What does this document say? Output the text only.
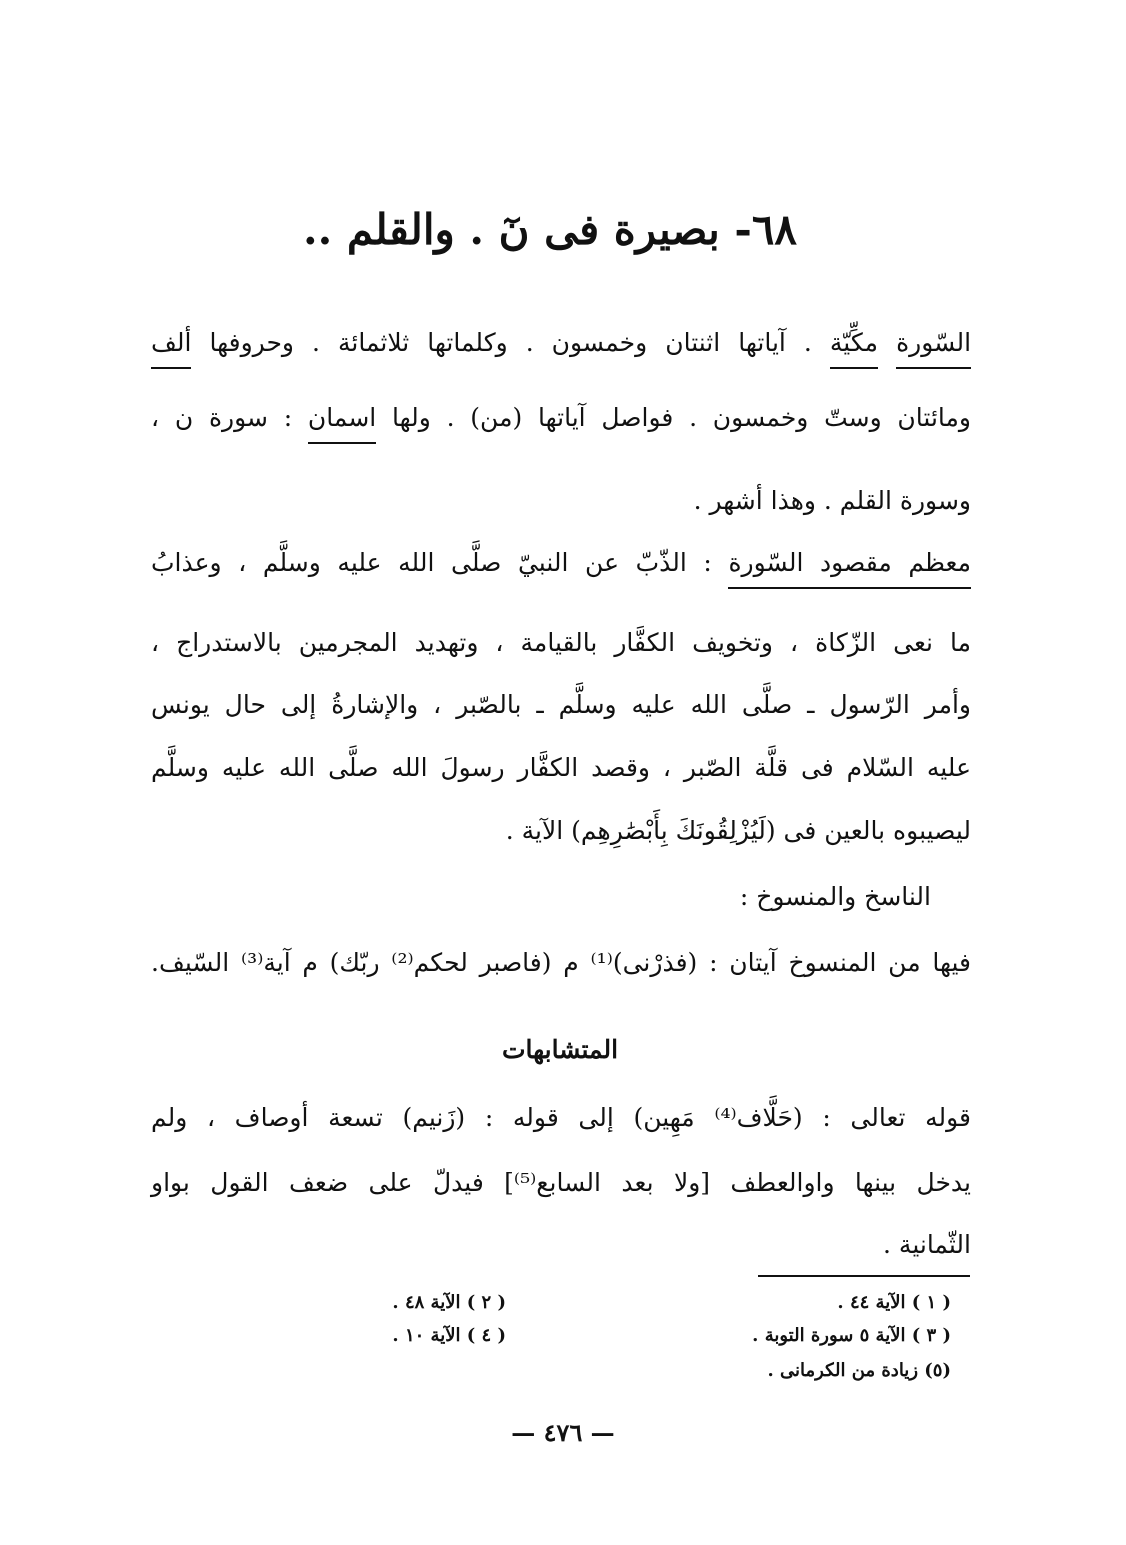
٦٨- بصيرة فى نٓ . والقلم ..
السّورة مكِّيّة . آياتها اثنتان وخمسون . وكلماتها ثلاثمائة . وحروفها ألف
ومائتان وستّ وخمسون . فواصل آياتها (من) . ولها اسمان : سورة ن ،
وسورة القلم . وهذا أشهر .
معظم مقصود السّورة : الذّبّ عن النبيّ صلَّى الله عليه وسلَّم ، وعذابُ
ما نعى الزّكاة ، وتخويف الكفَّار بالقيامة ، وتهديد المجرمين بالاستدراج ،
وأمر الرّسول ـ صلَّى الله عليه وسلَّم ـ بالصّبر ، والإشارةُ إلى حال يونس
عليه السّلام فى قلَّة الصّبر ، وقصد الكفَّار رسولَ الله صلَّى الله عليه وسلَّم
ليصيبوه بالعين فى (لَيُزْلِقُونَكَ بِأَبْصَٰرِهِم) الآية .
الناسخ والمنسوخ :
فيها من المنسوخ آيتان : (فذرْنى)⁽¹⁾ م (فاصبر لحكم⁽²⁾ ربّك) م آية⁽³⁾ السّيف.
المتشابهات
قوله تعالى : (حَلَّاف⁽⁴⁾ مَهِين) إلى قوله : (زَنيم) تسعة أوصاف ، ولم
يدخل بينها واوالعطف [ولا بعد السابع⁽⁵⁾] فيدلّ على ضعف القول بواو
الثّمانية .
( ١ ) الآية ٤٤ .
( ٢ ) الآية ٤٨ .
( ٣ ) الآية ٥ سورة التوبة .
( ٤ ) الآية ١٠ .
(٥) زيادة من الكرمانى .
— ٤٧٦ —
